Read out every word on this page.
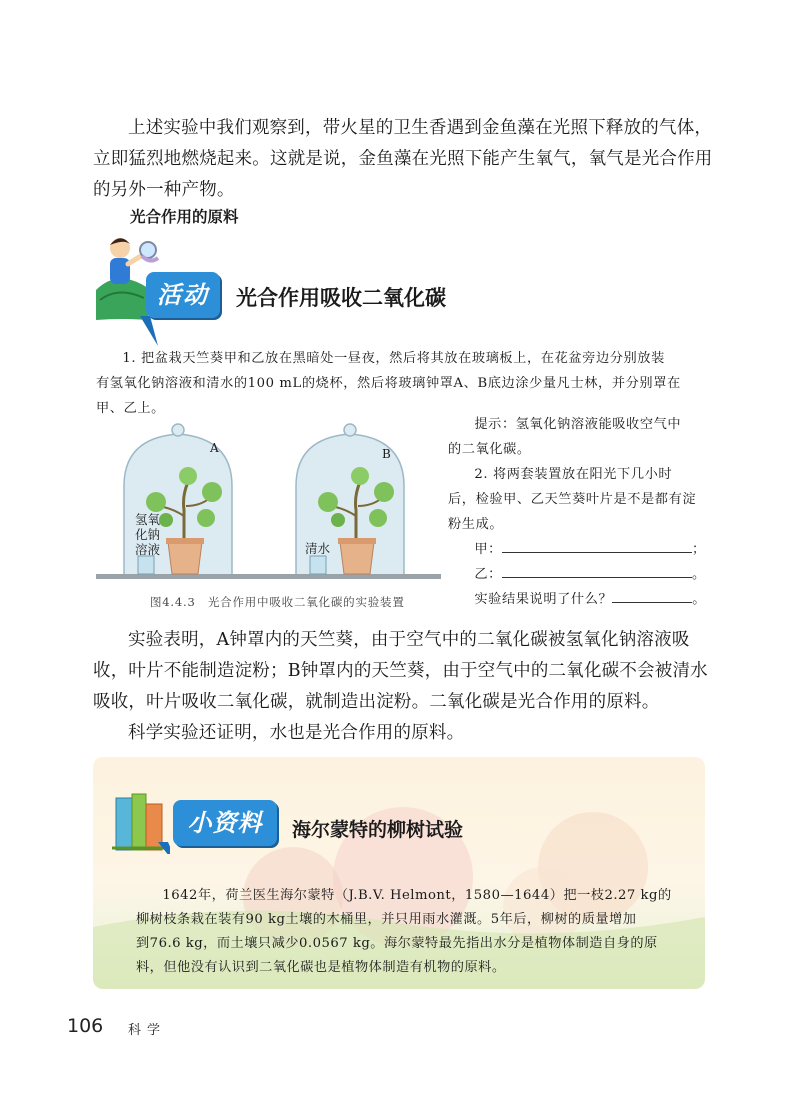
上述实验中我们观察到，带火星的卫生香遇到金鱼藻在光照下释放的气体，

立即猛烈地燃烧起来。这就是说，金鱼藻在光照下能产生氧气，氧气是光合作用

的另外一种产物。

光合作用的原料
活动	光合作用吸收二氧化碳

1. 把盆栽天竺葵甲和乙放在黑暗处一昼夜，然后将其放在玻璃板上，在花盆旁边分别放装

有氢氧化钠溶液和清水的100 mL的烧杯，然后将玻璃钟罩A、B底边涂少量凡士林，并分别罩在

甲、乙上。

A	B
氢氧
化钠
溶液	清水
图4.4.3　光合作用中吸收二氧化碳的实验装置

提示：氢氧化钠溶液能吸收空气中

的二氧化碳。

2. 将两套装置放在阳光下几小时

后，检验甲、乙天竺葵叶片是不是都有淀

粉生成。

甲：	；

乙：	。

实验结果说明了什么？	。

实验表明，A钟罩内的天竺葵，由于空气中的二氧化碳被氢氧化钠溶液吸

收，叶片不能制造淀粉；B钟罩内的天竺葵，由于空气中的二氧化碳不会被清水

吸收，叶片吸收二氧化碳，就制造出淀粉。二氧化碳是光合作用的原料。

科学实验还证明，水也是光合作用的原料。

小资料	海尔蒙特的柳树试验

1642年，荷兰医生海尔蒙特（J.B.V. Helmont，1580—1644）把一枝2.27 kg的

柳树枝条栽在装有90 kg土壤的木桶里，并只用雨水灌溉。5年后，柳树的质量增加

到76.6 kg，而土壤只减少0.0567 kg。海尔蒙特最先指出水分是植物体制造自身的原

料，但他没有认识到二氧化碳也是植物体制造有机物的原料。

106 科学
